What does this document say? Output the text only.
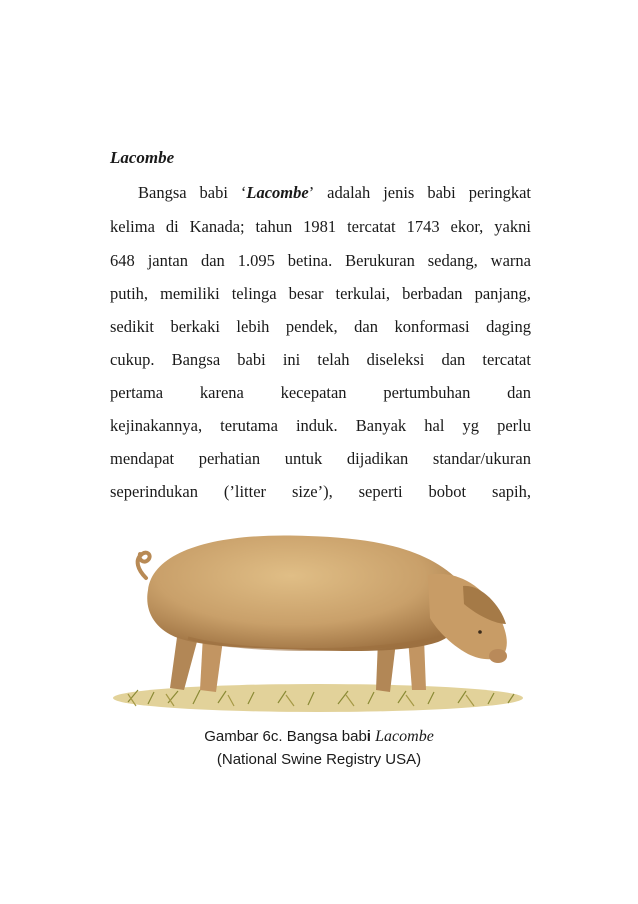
Lacombe
Bangsa babi ‘Lacombe’ adalah jenis babi peringkat
kelima di Kanada; tahun 1981 tercatat 1743 ekor, yakni
648 jantan dan 1.095 betina. Berukuran sedang, warna
putih, memiliki telinga besar terkulai, berbadan panjang,
sedikit berkaki lebih pendek, dan konformasi daging
cukup. Bangsa babi ini telah diseleksi dan tercatat
pertama karena kecepatan pertumbuhan dan
kejinakannya, terutama induk. Banyak hal yg perlu
mendapat perhatian untuk dijadikan standar/ukuran
seperindukan (’litter size’), seperti bobot sapih,
Gambar 6c. Bangsa babi Lacombe
(National Swine Registry USA)
